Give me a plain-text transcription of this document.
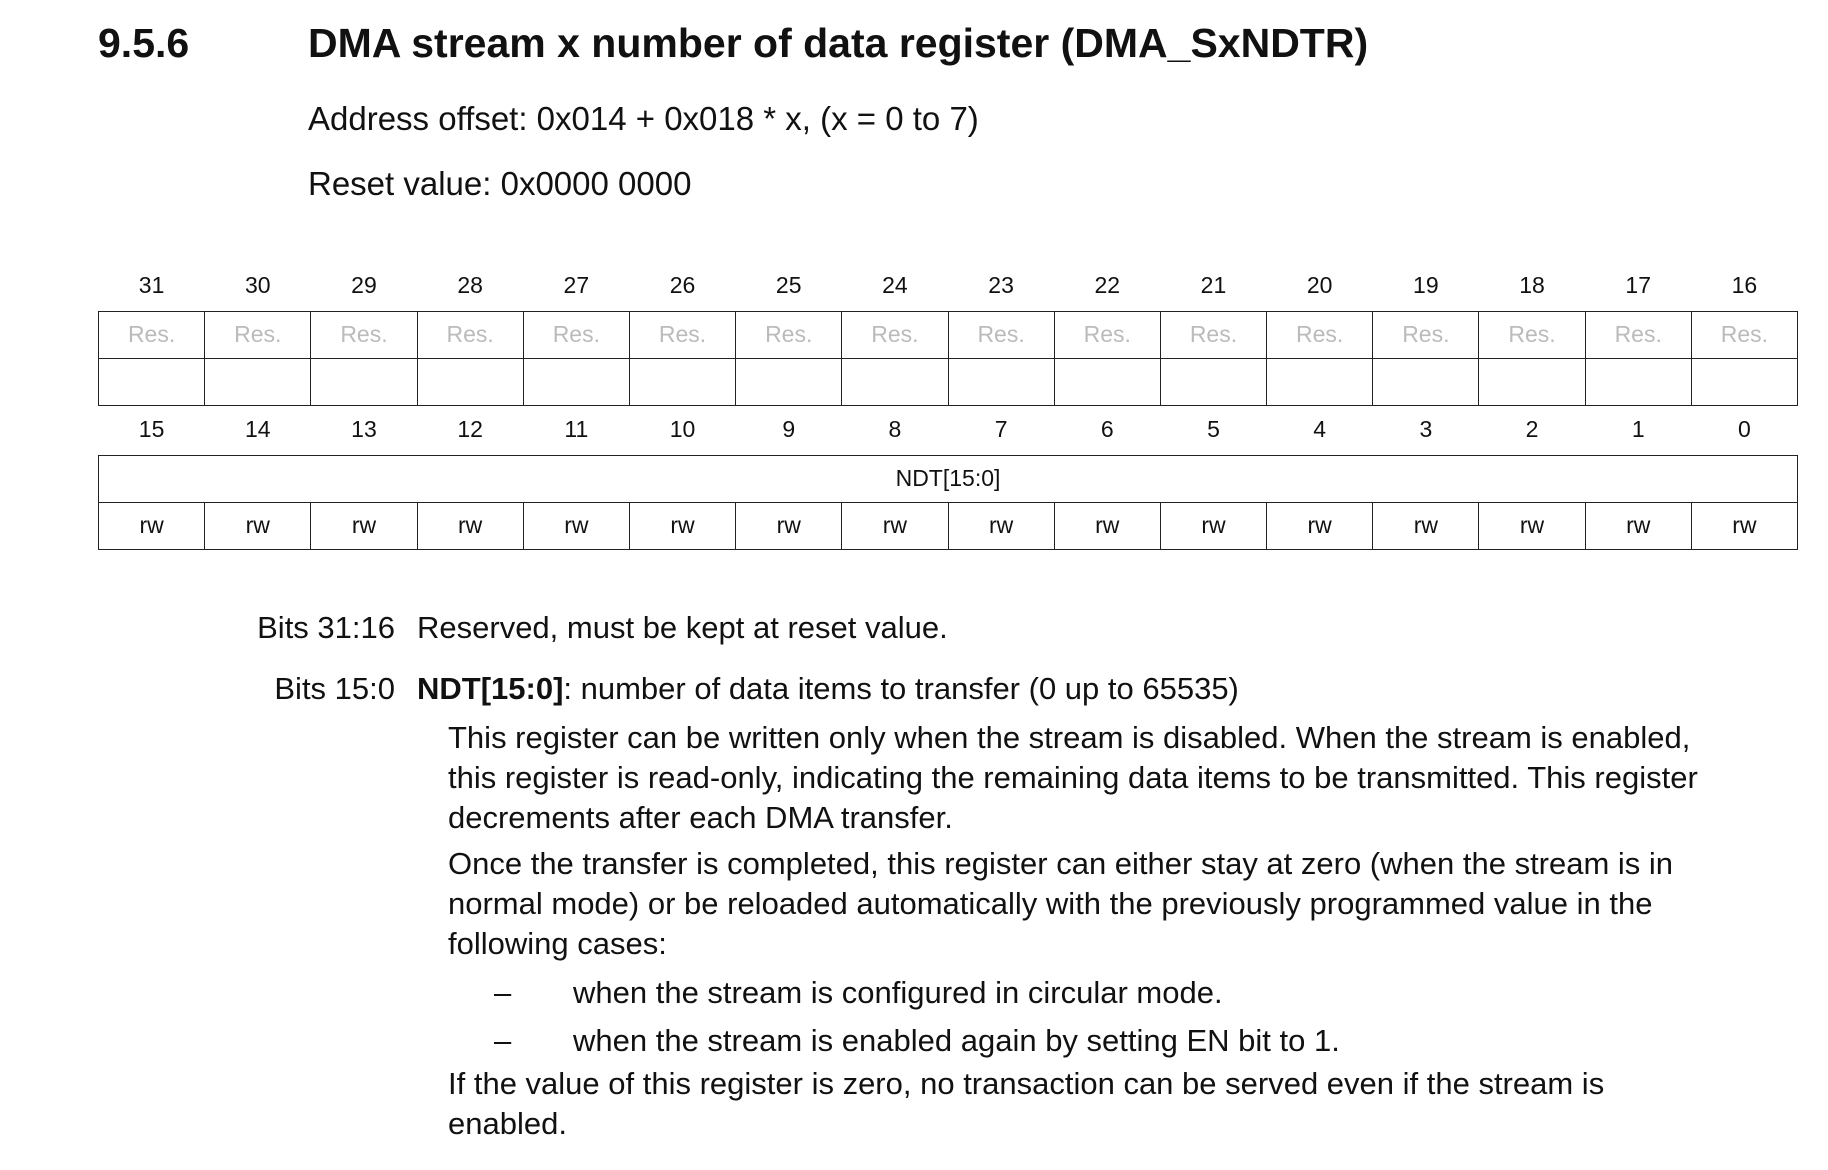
9.5.6	DMA stream x number of data register (DMA_SxNDTR)
Address offset: 0x014 + 0x018 * x, (x = 0 to 7)
Reset value: 0x0000 0000
31	30	29	28	27	26	25	24	23	22	21	20	19	18	17	16
Res.	Res.	Res.	Res.	Res.	Res.	Res.	Res.	Res.	Res.	Res.	Res.	Res.	Res.	Res.	Res.

15	14	13	12	11	10	9	8	7	6	5	4	3	2	1	0
NDT[15:0]															
rw	rw	rw	rw	rw	rw	rw	rw	rw	rw	rw	rw	rw	rw	rw	rw
Bits 31:16 Reserved, must be kept at reset value.
Bits 15:0 NDT[15:0]: number of data items to transfer (0 up to 65535)
This register can be written only when the stream is disabled. When the stream is enabled,
this register is read-only, indicating the remaining data items to be transmitted. This register
decrements after each DMA transfer.
Once the transfer is completed, this register can either stay at zero (when the stream is in
normal mode) or be reloaded automatically with the previously programmed value in the
following cases:
– when the stream is configured in circular mode.
– when the stream is enabled again by setting EN bit to 1.
If the value of this register is zero, no transaction can be served even if the stream is
enabled.
